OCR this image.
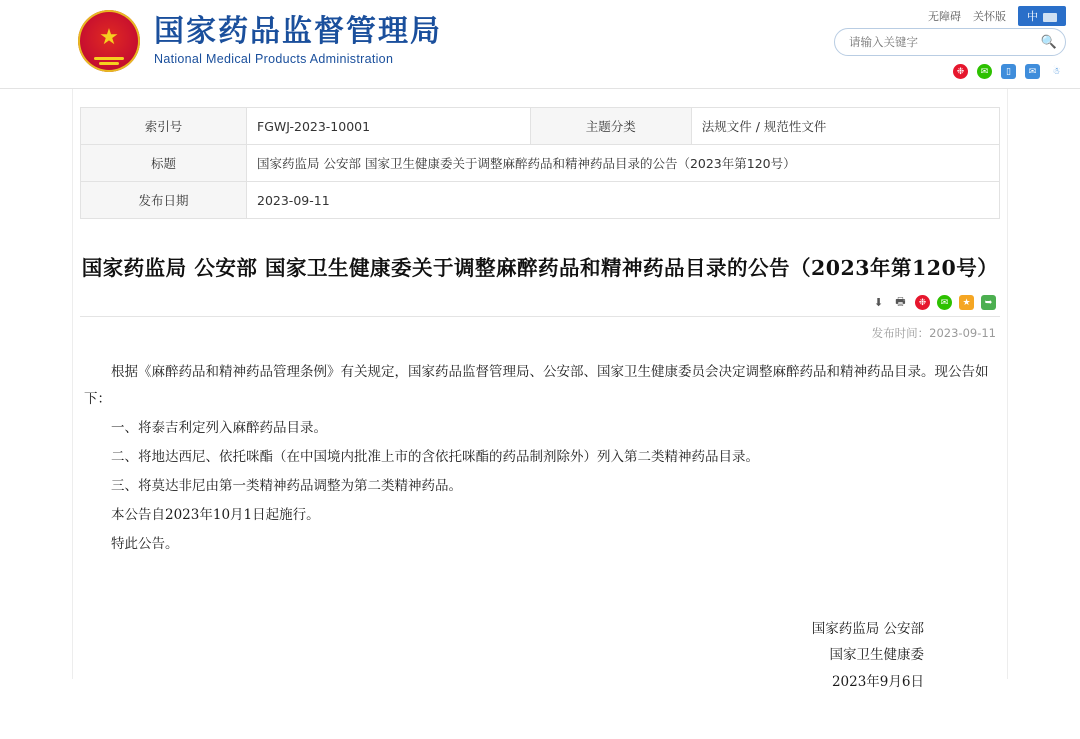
无障碍 关怀版	中
★ 国家药品监督管理局
National Medical Products Administration
请输入关键字
🔍
❉	✉	▯	✉	☃
索引号	FGWJ-2023-10001	主题分类	法规文件 / 规范性文件
标题	国家药监局 公安部 国家卫生健康委关于调整麻醉药品和精神药品目录的公告（2023年第120号）		
发布日期	2023-09-11		
国家药监局 公安部 国家卫生健康委关于调整麻醉药品和精神药品目录的公告（2023年第120号）
⬇ 🖶	❉	✉	★	➥
发布时间：2023-09-11

根据《麻醉药品和精神药品管理条例》有关规定，国家药品监督管理局、公安部、国家卫生健康委员会决定调整麻醉药品和精神药品目录。现公告如下：

一、将泰吉利定列入麻醉药品目录。

二、将地达西尼、依托咪酯（在中国境内批准上市的含依托咪酯的药品制剂除外）列入第二类精神药品目录。

三、将莫达非尼由第一类精神药品调整为第二类精神药品。

本公告自2023年10月1日起施行。

特此公告。

国家药监局 公安部
国家卫生健康委
2023年9月6日
